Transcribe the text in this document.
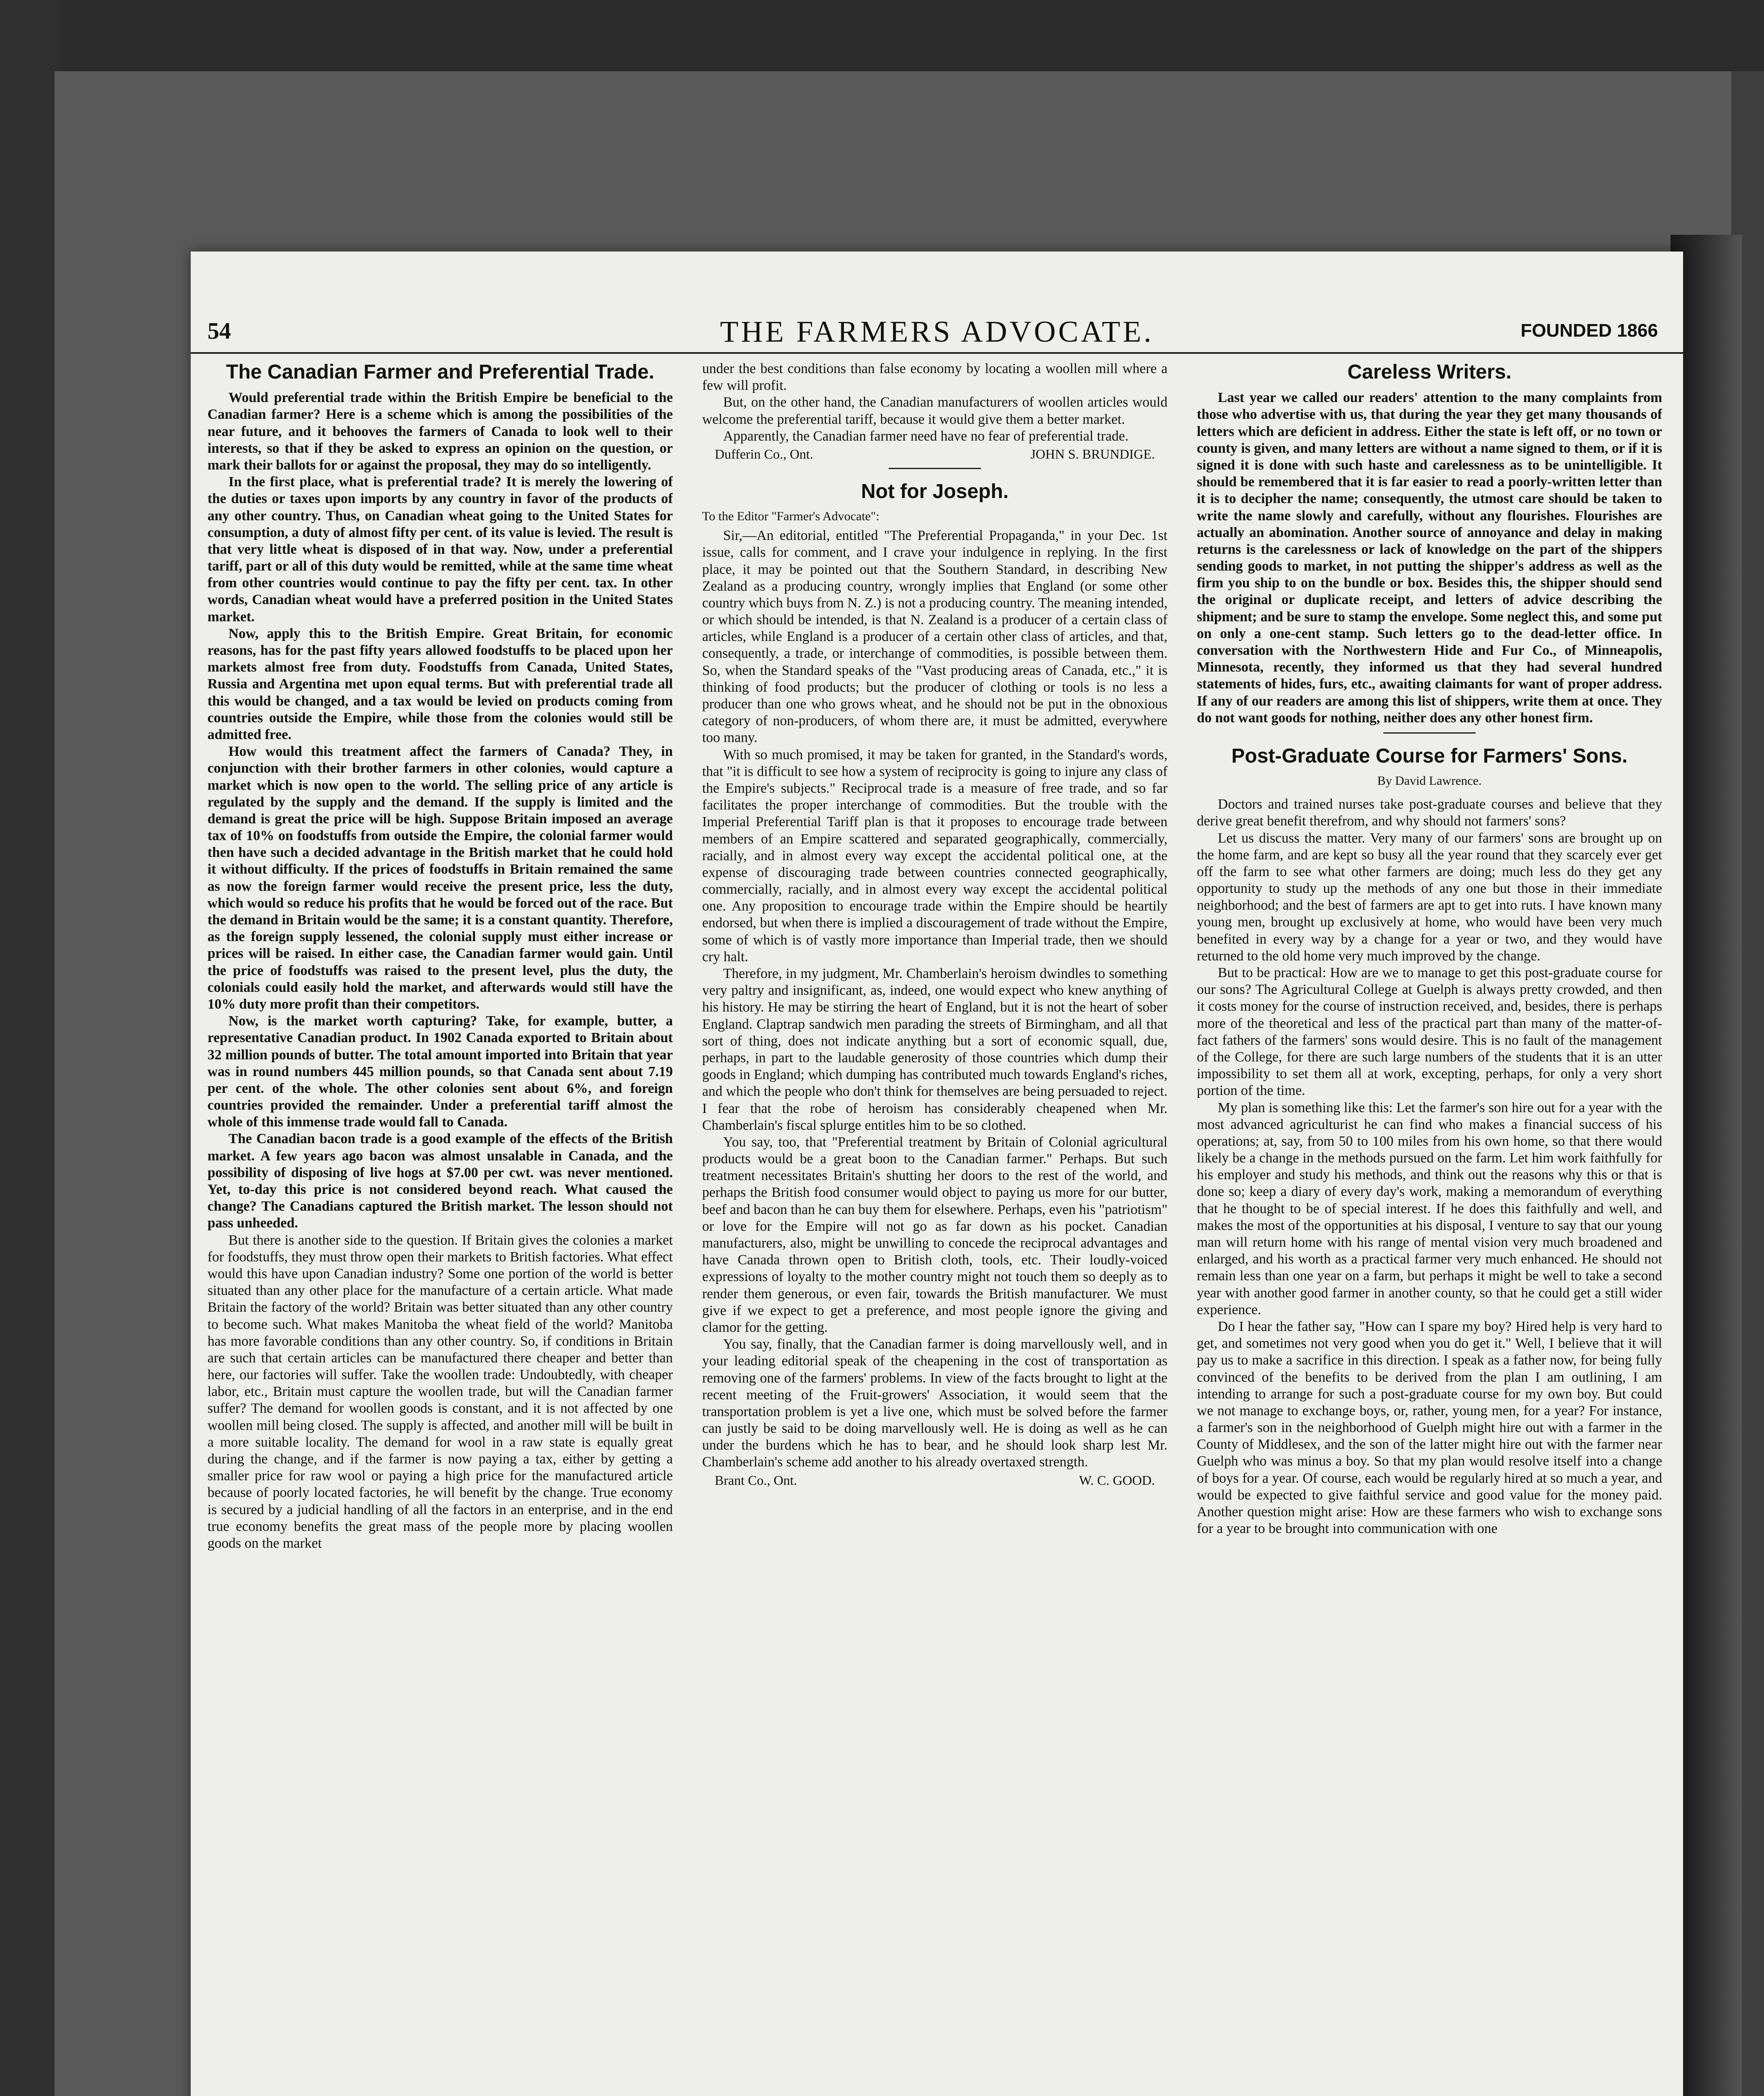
54	THE FARMERS ADVOCATE.	FOUNDED 1866
The Canadian Farmer and Preferential Trade.

Would preferential trade within the British Empire be beneficial to the Canadian farmer? Here is a scheme which is among the possibilities of the near future, and it behooves the farmers of Canada to look well to their interests, so that if they be asked to express an opinion on the question, or mark their ballots for or against the proposal, they may do so intelligently.

In the first place, what is preferential trade? It is merely the lowering of the duties or taxes upon imports by any country in favor of the products of any other country. Thus, on Canadian wheat going to the United States for consumption, a duty of almost fifty per cent. of its value is levied. The result is that very little wheat is disposed of in that way. Now, under a preferential tariff, part or all of this duty would be remitted, while at the same time wheat from other countries would continue to pay the fifty per cent. tax. In other words, Canadian wheat would have a preferred position in the United States market.

Now, apply this to the British Empire. Great Britain, for economic reasons, has for the past fifty years allowed foodstuffs to be placed upon her markets almost free from duty. Foodstuffs from Canada, United States, Russia and Argentina met upon equal terms. But with preferential trade all this would be changed, and a tax would be levied on products coming from countries outside the Empire, while those from the colonies would still be admitted free.

How would this treatment affect the farmers of Canada? They, in conjunction with their brother farmers in other colonies, would capture a market which is now open to the world. The selling price of any article is regulated by the supply and the demand. If the supply is limited and the demand is great the price will be high. Suppose Britain imposed an average tax of 10% on foodstuffs from outside the Empire, the colonial farmer would then have such a decided advantage in the British market that he could hold it without difficulty. If the prices of foodstuffs in Britain remained the same as now the foreign farmer would receive the present price, less the duty, which would so reduce his profits that he would be forced out of the race. But the demand in Britain would be the same; it is a constant quantity. Therefore, as the foreign supply lessened, the colonial supply must either increase or prices will be raised. In either case, the Canadian farmer would gain. Until the price of foodstuffs was raised to the present level, plus the duty, the colonials could easily hold the market, and afterwards would still have the 10% duty more profit than their competitors.

Now, is the market worth capturing? Take, for example, butter, a representative Canadian product. In 1902 Canada exported to Britain about 32 million pounds of butter. The total amount imported into Britain that year was in round numbers 445 million pounds, so that Canada sent about 7.19 per cent. of the whole. The other colonies sent about 6%, and foreign countries provided the remainder. Under a preferential tariff almost the whole of this immense trade would fall to Canada.

The Canadian bacon trade is a good example of the effects of the British market. A few years ago bacon was almost unsalable in Canada, and the possibility of disposing of live hogs at $7.00 per cwt. was never mentioned. Yet, to-day this price is not considered beyond reach. What caused the change? The Canadians captured the British market. The lesson should not pass unheeded.

But there is another side to the question. If Britain gives the colonies a market for foodstuffs, they must throw open their markets to British factories. What effect would this have upon Canadian industry? Some one portion of the world is better situated than any other place for the manufacture of a certain article. What made Britain the factory of the world? Britain was better situated than any other country to become such. What makes Manitoba the wheat field of the world? Manitoba has more favorable conditions than any other country. So, if conditions in Britain are such that certain articles can be manufactured there cheaper and better than here, our factories will suffer. Take the woollen trade: Undoubtedly, with cheaper labor, etc., Britain must capture the woollen trade, but will the Canadian farmer suffer? The demand for woollen goods is constant, and it is not affected by one woollen mill being closed. The supply is affected, and another mill will be built in a more suitable locality. The demand for wool in a raw state is equally great during the change, and if the farmer is now paying a tax, either by getting a smaller price for raw wool or paying a high price for the manufactured article because of poorly located factories, he will benefit by the change. True economy is secured by a judicial handling of all the factors in an enterprise, and in the end true economy benefits the great mass of the people more by placing woollen goods on the market

under the best conditions than false economy by locating a woollen mill where a few will profit.

But, on the other hand, the Canadian manufacturers of woollen articles would welcome the preferential tariff, because it would give them a better market.

Apparently, the Canadian farmer need have no fear of preferential trade.

Dufferin Co., Ont.	JOHN S. BRUNDIGE.
Not for Joseph.

To the Editor "Farmer's Advocate":

Sir,—An editorial, entitled "The Preferential Propaganda," in your Dec. 1st issue, calls for comment, and I crave your indulgence in replying. In the first place, it may be pointed out that the Southern Standard, in describing New Zealand as a producing country, wrongly implies that England (or some other country which buys from N. Z.) is not a producing country. The meaning intended, or which should be intended, is that N. Zealand is a producer of a certain class of articles, while England is a producer of a certain other class of articles, and that, consequently, a trade, or interchange of commodities, is possible between them. So, when the Standard speaks of the "Vast producing areas of Canada, etc.," it is thinking of food products; but the producer of clothing or tools is no less a producer than one who grows wheat, and he should not be put in the obnoxious category of non-producers, of whom there are, it must be admitted, everywhere too many.

With so much promised, it may be taken for granted, in the Standard's words, that "it is difficult to see how a system of reciprocity is going to injure any class of the Empire's subjects." Reciprocal trade is a measure of free trade, and so far facilitates the proper interchange of commodities. But the trouble with the Imperial Preferential Tariff plan is that it proposes to encourage trade between members of an Empire scattered and separated geographically, commercially, racially, and in almost every way except the accidental political one, at the expense of discouraging trade between countries connected geographically, commercially, racially, and in almost every way except the accidental political one. Any proposition to encourage trade within the Empire should be heartily endorsed, but when there is implied a discouragement of trade without the Empire, some of which is of vastly more importance than Imperial trade, then we should cry halt.

Therefore, in my judgment, Mr. Chamberlain's heroism dwindles to something very paltry and insignificant, as, indeed, one would expect who knew anything of his history. He may be stirring the heart of England, but it is not the heart of sober England. Claptrap sandwich men parading the streets of Birmingham, and all that sort of thing, does not indicate anything but a sort of economic squall, due, perhaps, in part to the laudable generosity of those countries which dump their goods in England; which dumping has contributed much towards England's riches, and which the people who don't think for themselves are being persuaded to reject. I fear that the robe of heroism has considerably cheapened when Mr. Chamberlain's fiscal splurge entitles him to be so clothed.

You say, too, that "Preferential treatment by Britain of Colonial agricultural products would be a great boon to the Canadian farmer." Perhaps. But such treatment necessitates Britain's shutting her doors to the rest of the world, and perhaps the British food consumer would object to paying us more for our butter, beef and bacon than he can buy them for elsewhere. Perhaps, even his "patriotism" or love for the Empire will not go as far down as his pocket. Canadian manufacturers, also, might be unwilling to concede the reciprocal advantages and have Canada thrown open to British cloth, tools, etc. Their loudly-voiced expressions of loyalty to the mother country might not touch them so deeply as to render them generous, or even fair, towards the British manufacturer. We must give if we expect to get a preference, and most people ignore the giving and clamor for the getting.

You say, finally, that the Canadian farmer is doing marvellously well, and in your leading editorial speak of the cheapening in the cost of transportation as removing one of the farmers' problems. In view of the facts brought to light at the recent meeting of the Fruit-growers' Association, it would seem that the transportation problem is yet a live one, which must be solved before the farmer can justly be said to be doing marvellously well. He is doing as well as he can under the burdens which he has to bear, and he should look sharp lest Mr. Chamberlain's scheme add another to his already overtaxed strength.

Brant Co., Ont.	W. C. GOOD.
Careless Writers.

Last year we called our readers' attention to the many complaints from those who advertise with us, that during the year they get many thousands of letters which are deficient in address. Either the state is left off, or no town or county is given, and many letters are without a name signed to them, or if it is signed it is done with such haste and carelessness as to be unintelligible. It should be remembered that it is far easier to read a poorly-written letter than it is to decipher the name; consequently, the utmost care should be taken to write the name slowly and carefully, without any flourishes. Flourishes are actually an abomination. Another source of annoyance and delay in making returns is the carelessness or lack of knowledge on the part of the shippers sending goods to market, in not putting the shipper's address as well as the firm you ship to on the bundle or box. Besides this, the shipper should send the original or duplicate receipt, and letters of advice describing the shipment; and be sure to stamp the envelope. Some neglect this, and some put on only a one-cent stamp. Such letters go to the dead-letter office. In conversation with the Northwestern Hide and Fur Co., of Minneapolis, Minnesota, recently, they informed us that they had several hundred statements of hides, furs, etc., awaiting claimants for want of proper address. If any of our readers are among this list of shippers, write them at once. They do not want goods for nothing, neither does any other honest firm.

Post-Graduate Course for Farmers' Sons.

By David Lawrence.

Doctors and trained nurses take post-graduate courses and believe that they derive great benefit therefrom, and why should not farmers' sons?

Let us discuss the matter. Very many of our farmers' sons are brought up on the home farm, and are kept so busy all the year round that they scarcely ever get off the farm to see what other farmers are doing; much less do they get any opportunity to study up the methods of any one but those in their immediate neighborhood; and the best of farmers are apt to get into ruts. I have known many young men, brought up exclusively at home, who would have been very much benefited in every way by a change for a year or two, and they would have returned to the old home very much improved by the change.

But to be practical: How are we to manage to get this post-graduate course for our sons? The Agricultural College at Guelph is always pretty crowded, and then it costs money for the course of instruction received, and, besides, there is perhaps more of the theoretical and less of the practical part than many of the matter-of-fact fathers of the farmers' sons would desire. This is no fault of the management of the College, for there are such large numbers of the students that it is an utter impossibility to set them all at work, excepting, perhaps, for only a very short portion of the time.

My plan is something like this: Let the farmer's son hire out for a year with the most advanced agriculturist he can find who makes a financial success of his operations; at, say, from 50 to 100 miles from his own home, so that there would likely be a change in the methods pursued on the farm. Let him work faithfully for his employer and study his methods, and think out the reasons why this or that is done so; keep a diary of every day's work, making a memorandum of everything that he thought to be of special interest. If he does this faithfully and well, and makes the most of the opportunities at his disposal, I venture to say that our young man will return home with his range of mental vision very much broadened and enlarged, and his worth as a practical farmer very much enhanced. He should not remain less than one year on a farm, but perhaps it might be well to take a second year with another good farmer in another county, so that he could get a still wider experience.

Do I hear the father say, "How can I spare my boy? Hired help is very hard to get, and sometimes not very good when you do get it." Well, I believe that it will pay us to make a sacrifice in this direction. I speak as a father now, for being fully convinced of the benefits to be derived from the plan I am outlining, I am intending to arrange for such a post-graduate course for my own boy. But could we not manage to exchange boys, or, rather, young men, for a year? For instance, a farmer's son in the neighborhood of Guelph might hire out with a farmer in the County of Middlesex, and the son of the latter might hire out with the farmer near Guelph who was minus a boy. So that my plan would resolve itself into a change of boys for a year. Of course, each would be regularly hired at so much a year, and would be expected to give faithful service and good value for the money paid. Another question might arise: How are these farmers who wish to exchange sons for a year to be brought into communication with one
